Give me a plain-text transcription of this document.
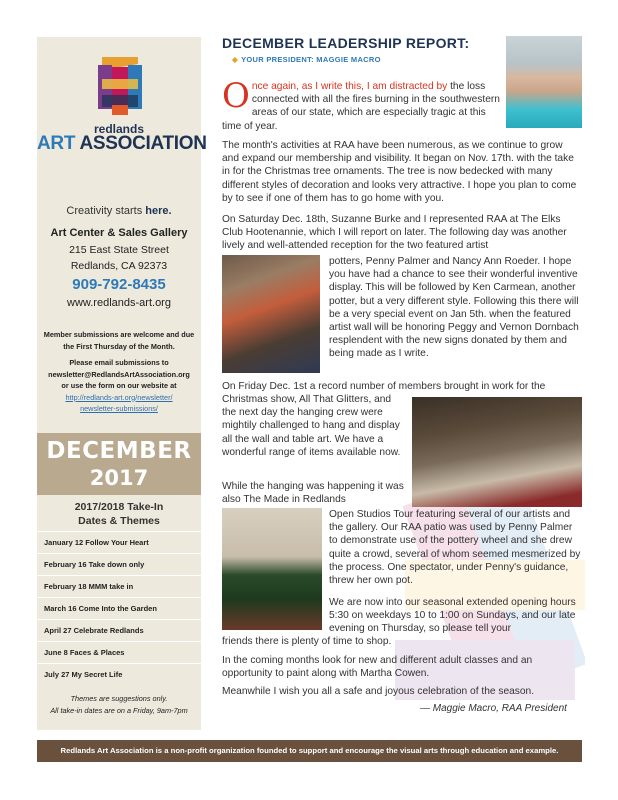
redlands
ART ASSOCIATION
Creativity starts here.
Art Center & Sales Gallery
215 East State Street
Redlands, CA 92373
909-792-8435
www.redlands-art.org
Member submissions are welcome and due the First Thursday of the Month.
Please email submissions to
newsletter@RedlandsArtAssociation.org
or use the form on our website at
http://redlands-art.org/newsletter/
newsletter-submissions/
DECEMBER
2017
2017/2018 Take-In
Dates & Themes
January 12 Follow Your Heart
February 16 Take down only
February 18 MMM take in
March 16 Come Into the Garden
April 27 Celebrate Redlands
June 8 Faces & Places
July 27 My Secret Life
Themes are suggestions only.
All take-in dates are on a Friday, 9am-7pm
DECEMBER LEADERSHIP REPORT:
◆ YOUR PRESIDENT: MAGGIE MACRO
Once again, as I write this, I am distracted by the loss connected with all the fires burning in the southwestern areas of our state, which are especially tragic at this time of year.
The month's activities at RAA have been numerous, as we continue to grow and expand our membership and visibility. It began on Nov. 17th. with the take in for the Christmas tree ornaments. The tree is now bedecked with many different styles of decoration and looks very attractive. I hope you plan to come by to see if one of them has to go home with you.
On Saturday Dec. 18th, Suzanne Burke and I represented RAA at The Elks Club Hootenannie, which I will report on later. The following day was another lively and well-attended reception for the two featured artist
potters, Penny Palmer and Nancy Ann Roeder. I hope you have had a chance to see their wonderful inventive display. This will be followed by Ken Carmean, another potter, but a very different style. Following this there will be a very special event on Jan 5th. when the featured artist wall will be honoring Peggy and Vernon Dornbach resplendent with the new signs donated by them and being made as I write.
On Friday Dec. 1st a record number of members brought in work for the
Christmas show, All That Glitters, and the next day the hanging crew were mightily challenged to hang and display all the wall and table art. We have a wonderful range of items available now.
While the hanging was happening it was also The Made in Redlands
Open Studios Tour featuring several of our artists and the gallery. Our RAA patio was used by Penny Palmer to demonstrate use of the pottery wheel and she drew quite a crowd, several of whom seemed mesmerized by the process. One spectator, under Penny's guidance, threw her own pot.
We are now into our seasonal extended opening hours 5:30 on weekdays 10 to 1:00 on Sundays, and our late evening on Thursday, so please tell your
friends there is plenty of time to shop.
In the coming months look for new and different adult classes and an opportunity to paint along with Martha Cowen.
Meanwhile I wish you all a safe and joyous celebration of the season.
— Maggie Macro, RAA President
Redlands Art Association is a non-profit organization founded to support and encourage the visual arts through education and example.
